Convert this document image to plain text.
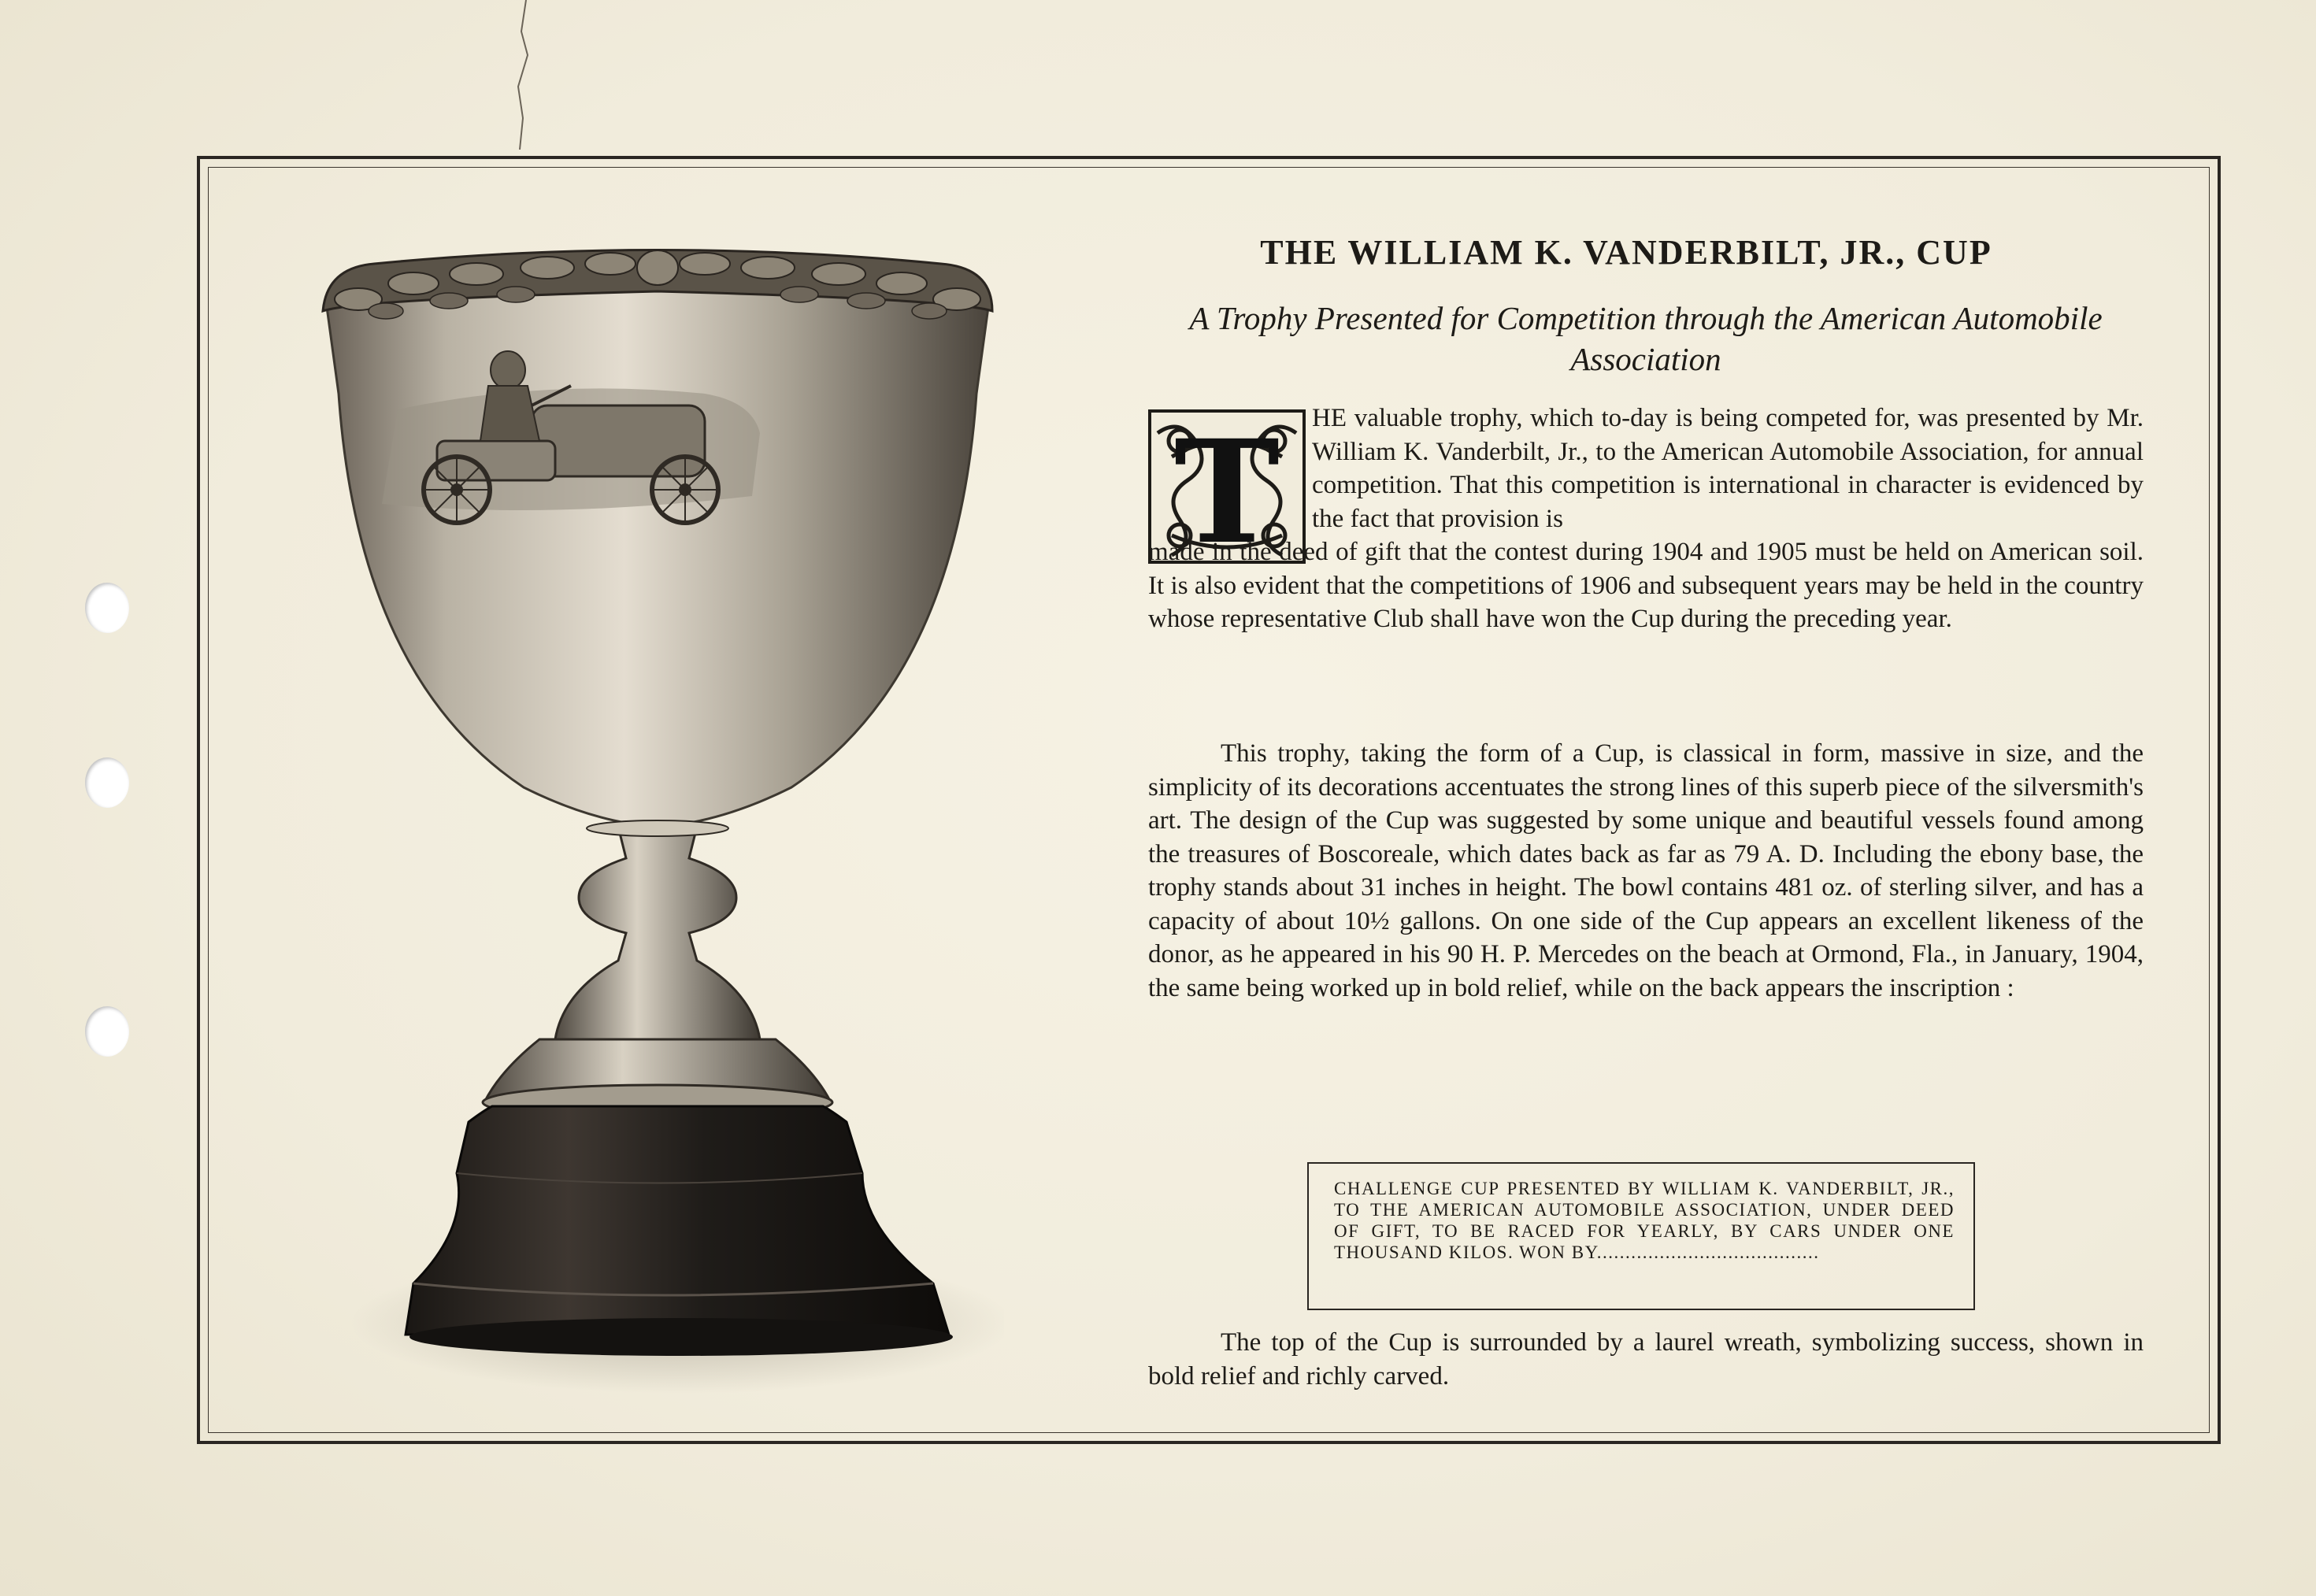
THE WILLIAM K. VANDERBILT, JR., CUP
A Trophy Presented for Competition through the American Automobile Association
T HE valuable trophy, which to-day is being competed for, was presented by Mr. William K. Vanderbilt, Jr., to the American Automobile Association, for annual competition. That this competition is international in character is evidenced by the fact that provision is
made in the deed of gift that the contest during 1904 and 1905 must be held on American soil. It is also evident that the competitions of 1906 and subsequent years may be held in the country whose representative Club shall have won the Cup during the preceding year.
This trophy, taking the form of a Cup, is classical in form, massive in size, and the simplicity of its decorations accentuates the strong lines of this superb piece of the silversmith's art. The design of the Cup was suggested by some unique and beautiful vessels found among the treasures of Boscoreale, which dates back as far as 79 A. D. Including the ebony base, the trophy stands about 31 inches in height. The bowl contains 481 oz. of sterling silver, and has a capacity of about 10½ gallons. On one side of the Cup appears an excellent likeness of the donor, as he appeared in his 90 H. P. Mercedes on the beach at Ormond, Fla., in January, 1904, the same being worked up in bold relief, while on the back appears the inscription :
CHALLENGE CUP PRESENTED BY WILLIAM K. VANDERBILT, JR., TO THE AMERICAN AUTOMOBILE ASSOCIATION, UNDER DEED OF GIFT, TO BE RACED FOR YEARLY, BY CARS UNDER ONE THOUSAND KILOS. WON BY.......................................
The top of the Cup is surrounded by a laurel wreath, symbolizing success, shown in bold relief and richly carved.
